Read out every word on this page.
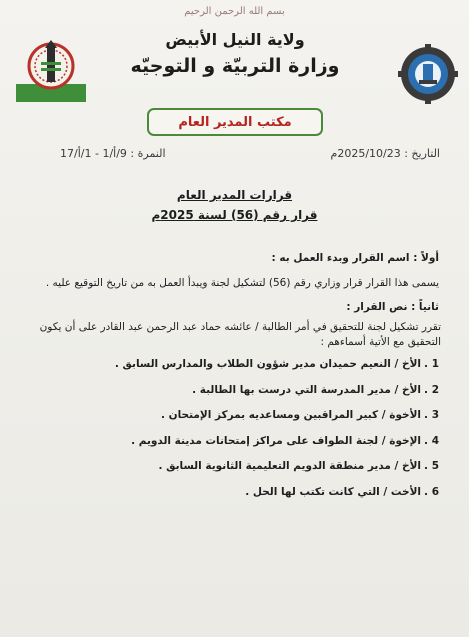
بسم الله الرحمن الرحيم
ولاية النيل الأبيض
وزارة التربيّة و التوجيّه
مكتب المدير العام
التاريخ : 2025/10/23م
النمرة : 9/أ/1 - 1/أ/17
قرارات المدير العام
قرار رقم (56) لسنة 2025م
أولاً : اسم القرار وبدء العمل به :
يسمى هذا القرار قرار وزاري رقم (56) لتشكيل لجنة ويبدأ العمل به من تاريخ التوقيع عليه .
ثانياً : نص القرار :
تقرر تشكيل لجنة للتحقيق في أمر الطالبة / عائشه حماد عبد الرحمن عبد القادر على أن يكون التحقيق مع الأتية أسماءهم :
1 .الأخ / النعيم حميدان مدير شؤون الطلاب والمدارس السابق .
2 .الأخ / مدير المدرسة التي درست بها الطالبة .
3 .الأخوة / كبير المراقبين ومساعديه بمركز الإمتحان .
4 .الإخوة / لجنة الطواف على مراكز إمتحانات مدينة الدويم .
5 .الأخ / مدير منطقة الدويم التعليمية الثانوية السابق .
6 .الأخت / التي كانت تكتب لها الحل .
